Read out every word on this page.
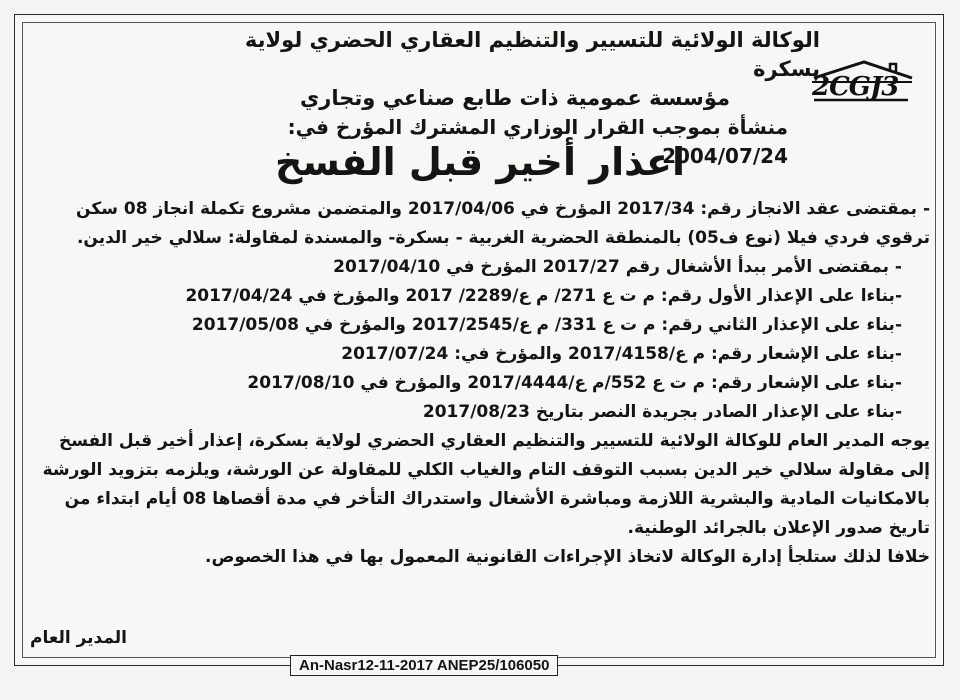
2CGJ3
الوكالة الولائية للتسيير والتنظيم العقاري الحضري لولاية بسكرة
مؤسسة عمومية ذات طابع صناعي وتجاري
منشأة بموجب القرار الوزاري المشترك المؤرخ في: 2004/07/24
اعذار أخير قبل الفسخ

- بمقتضى عقد الانجاز رقم: 2017/34 المؤرخ في 2017/04/06 والمتضمن مشروع تكملة انجاز 08 سكن

ترقوي فردي فيلا (نوع ف05) بالمنطقة الحضرية الغربية - بسكرة- والمسندة لمقاولة: سلالي خير الدين.

- بمقتضى الأمر ببدأ الأشغال رقم 2017/27 المؤرخ في 2017/04/10

-بناءا على الإعذار الأول رقم: م ت ع 271/ م ع/2289/ 2017 والمؤرخ في 2017/04/24

-بناء على الإعذار الثاني رقم: م ت ع 331/ م ع/2017/2545 والمؤرخ في 2017/05/08

-بناء على الإشعار رقم: م ع/2017/4158 والمؤرخ في: 2017/07/24

-بناء على الإشعار رقم: م ت ع 552/م ع/2017/4444 والمؤرخ في 2017/08/10

-بناء على الإعذار الصادر بجريدة النصر بتاريخ 2017/08/23

يوجه المدير العام للوكالة الولائية للتسيير والتنظيم العقاري الحضري لولاية بسكرة، إعذار أخير قبل الفسخ

إلى مقاولة سلالي خير الدين بسبب التوقف التام والغياب الكلي للمقاولة عن الورشة، ويلزمه بتزويد الورشة

بالامكانيات المادية والبشرية اللازمة ومباشرة الأشغال واستدراك التأخر في مدة أقصاها 08 أيام ابتداء من

تاريخ صدور الإعلان بالجرائد الوطنية.

خلافا لذلك ستلجأ إدارة الوكالة لاتخاذ الإجراءات القانونية المعمول بها في هذا الخصوص.

المدير العام
An-Nasr12-11-2017 ANEP25/106050
